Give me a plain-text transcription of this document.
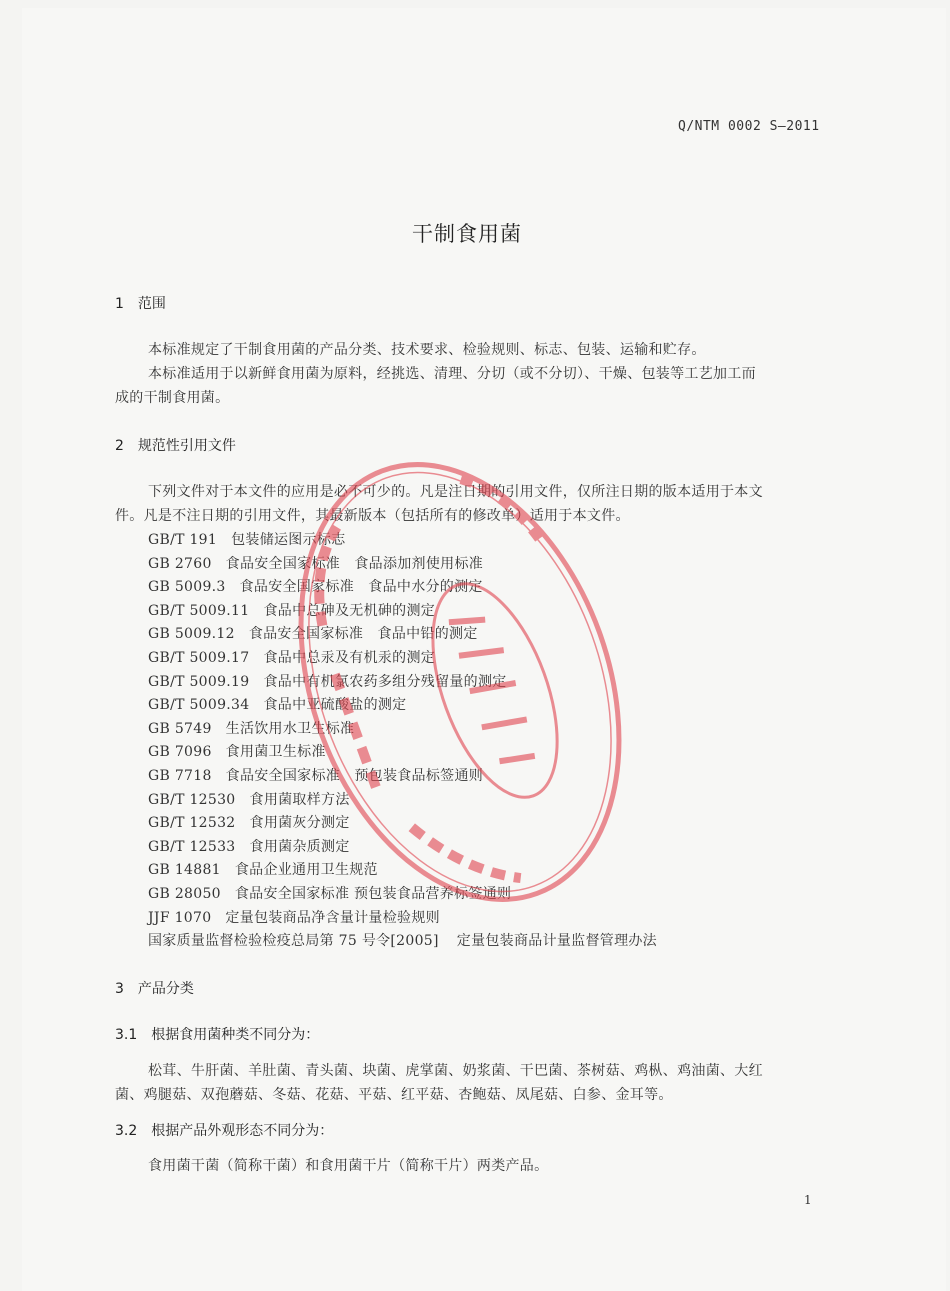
Q/NTM 0002 S—2011
干制食用菌
1　范围
本标准规定了干制食用菌的产品分类、技术要求、检验规则、标志、包装、运输和贮存。
本标准适用于以新鲜食用菌为原料，经挑选、清理、分切（或不分切）、干燥、包装等工艺加工而
成的干制食用菌。
2　规范性引用文件
下列文件对于本文件的应用是必不可少的。凡是注日期的引用文件，仅所注日期的版本适用于本文
件。凡是不注日期的引用文件，其最新版本（包括所有的修改单）适用于本文件。
GB/T 191 包装储运图示标志
GB 2760 食品安全国家标准　食品添加剂使用标准
GB 5009.3 食品安全国家标准　食品中水分的测定
GB/T 5009.11 食品中总砷及无机砷的测定
GB 5009.12 食品安全国家标准　食品中铅的测定
GB/T 5009.17 食品中总汞及有机汞的测定
GB/T 5009.19 食品中有机氯农药多组分残留量的测定
GB/T 5009.34 食品中亚硫酸盐的测定
GB 5749 生活饮用水卫生标准
GB 7096 食用菌卫生标准
GB 7718 食品安全国家标准　预包装食品标签通则
GB/T 12530 食用菌取样方法
GB/T 12532 食用菌灰分测定
GB/T 12533 食用菌杂质测定
GB 14881 食品企业通用卫生规范
GB 28050 食品安全国家标准 预包装食品营养标签通则
JJF 1070 定量包装商品净含量计量检验规则
国家质量监督检验检疫总局第 75 号令[2005] 定量包装商品计量监督管理办法
3　产品分类
3.1　根据食用菌种类不同分为：
松茸、牛肝菌、羊肚菌、青头菌、块菌、虎掌菌、奶浆菌、干巴菌、茶树菇、鸡枞、鸡油菌、大红
菌、鸡腿菇、双孢蘑菇、冬菇、花菇、平菇、红平菇、杏鲍菇、凤尾菇、白参、金耳等。
3.2　根据产品外观形态不同分为：
食用菌干菌（简称干菌）和食用菌干片（简称干片）两类产品。
1
